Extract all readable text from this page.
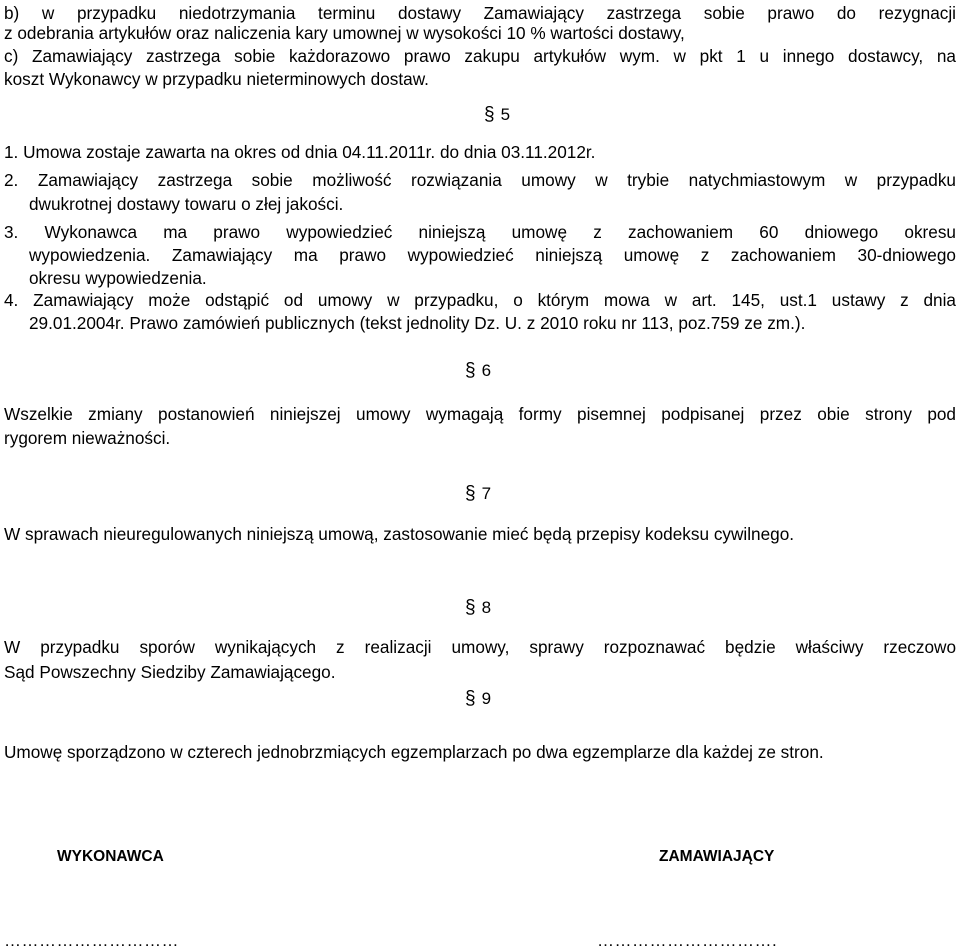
b) w przypadku niedotrzymania terminu dostawy Zamawiający zastrzega sobie prawo do rezygnacji
z odebrania artykułów oraz naliczenia kary umownej w wysokości 10 % wartości dostawy,
c) Zamawiający zastrzega sobie każdorazowo prawo zakupu artykułów wym. w pkt 1 u innego dostawcy, na
koszt Wykonawcy w przypadku nieterminowych dostaw.
§ 5
1. Umowa zostaje zawarta na okres od dnia 04.11.2011r. do dnia 03.11.2012r.
2. Zamawiający zastrzega sobie możliwość rozwiązania umowy w trybie natychmiastowym w przypadku
dwukrotnej dostawy towaru o złej jakości.
3. Wykonawca ma prawo wypowiedzieć niniejszą umowę z zachowaniem 60 dniowego okresu
wypowiedzenia. Zamawiający ma prawo wypowiedzieć niniejszą umowę z zachowaniem 30-dniowego
okresu wypowiedzenia.
4. Zamawiający może odstąpić od umowy w przypadku, o którym mowa w art. 145, ust.1 ustawy z dnia
29.01.2004r. Prawo zamówień publicznych (tekst jednolity Dz. U. z 2010 roku nr 113, poz.759 ze zm.).
§ 6
Wszelkie zmiany postanowień niniejszej umowy wymagają formy pisemnej podpisanej przez obie strony pod
rygorem nieważności.
§ 7
W sprawach nieuregulowanych niniejszą umową, zastosowanie mieć będą przepisy kodeksu cywilnego.
§ 8
W przypadku sporów wynikających z realizacji umowy, sprawy rozpoznawać będzie właściwy rzeczowo
Sąd Powszechny Siedziby Zamawiającego.
§ 9
Umowę sporządzono w czterech jednobrzmiących egzemplarzach po dwa egzemplarze dla każdej ze stron.
WYKONAWCA	ZAMAWIAJĄCY
…………………………	………………………….
